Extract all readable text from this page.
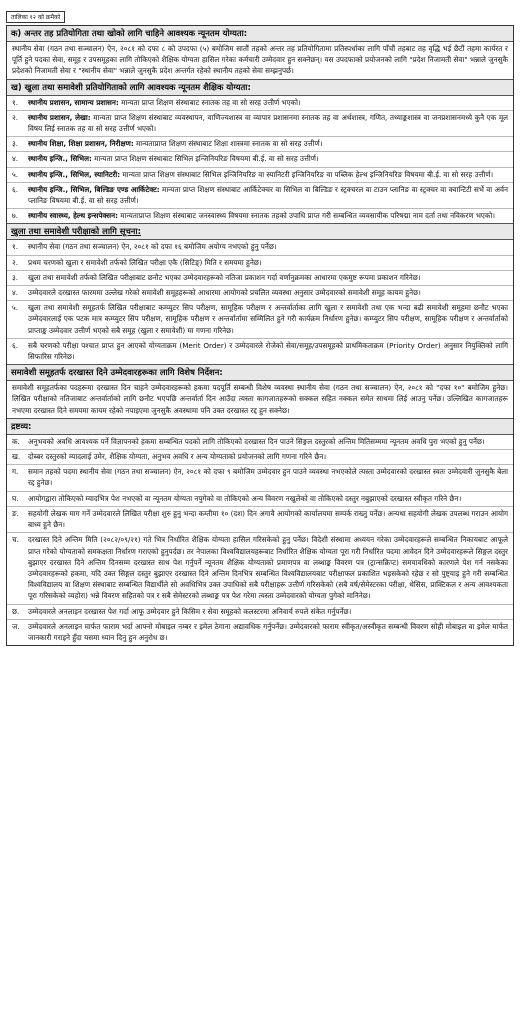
तालिका १२ को क्रमैको
क) अन्तर तह प्रतियोगिता तथा खोको लागि चाहिने आवश्यक न्यूनतम योग्यता:
स्थानीय सेवा (गठन तथा सञ्चालन) ऐन, २०८१ को दफा ८ को उपदफा (५) बमोजिम सातौं तहको अन्तर तह प्रतियोगितामा प्रतिस्पर्धाका लागि पाँचौं तहबाट तह वृद्धि भई छैटौं तहमा कार्यरत र पूर्ति हुने पदका सेवा, समूह र उपसमूहका लागि तोकिएको शैक्षिक योग्यता हासिल गरेका कर्मचारी उम्मेदवार हुन सक्नेछन्। यस उपदफाको प्रयोजनको लागि "प्रदेश निजामती सेवा" भन्नाले जुनसुकै प्रदेशको निजामती सेवा र "स्थानीय सेवा" भन्नाले जुनसुकै प्रदेश अन्तर्गत रहेको स्थानीय तहको सेवा सम्झनुपर्छ।
ख) खुला तथा समावेशी प्रतियोगिताको लागि आवश्यक न्यूनतम शैक्षिक योग्यता:
१.	स्थानीय प्रशासन, सामान्य प्रशासन: मान्यता प्राप्त शिक्षण संस्थाबाट स्नातक तह वा सो सरह उत्तीर्ण भएको।
२.	स्थानीय प्रशासन, लेखा: मान्यता प्राप्त शिक्षण संस्थाबाट व्यवस्थापन, वाणिज्यशास्त्र वा व्यापार प्रशासनमा स्नातक तह वा अर्थशास्त्र, गणित, तथ्याङ्कशास्त्र वा जनप्रशासनमध्ये कुनै एक मूल विषय लिई स्नातक तह वा सो सरह उत्तीर्ण भएको।
३.	स्थानीय शिक्षा, शिक्षा प्रशासन, निरीक्षण: मान्यताप्राप्त शिक्षण संस्थाबाट शिक्षा शास्त्रमा स्नातक वा सो सरह उत्तीर्ण।
४.	स्थानीय इन्जि., सिभिल: मान्यता प्राप्त शिक्षण संस्थाबाट सिभिल इन्जिनियरिङ विषयमा बी.ई. वा सो सरह उत्तीर्ण।
५.	स्थानीय इन्जि., सिभिल, स्यानिटरी: मान्यता प्राप्त शिक्षण संस्थाबाट सिभिल इन्जिनियरिङ वा स्यानिटरी इन्जिनियरिङ वा पब्लिक हेल्थ इन्जिनियरिङ विषयमा बी.ई. वा सो सरह उत्तीर्ण।
६.	स्थानीय इन्जि., सिभिल, बिल्डिङ एण्ड आर्किटेक्ट: मान्यता प्राप्त शिक्षण संस्थाबाट आर्किटेक्चर वा सिभिल वा बिल्डिङ र स्ट्रक्चरल वा टाउन प्लानिङ वा स्ट्रक्चर वा क्वान्टिटी सर्भे वा अर्वन प्लानिङ विषयमा बी.ई. वा सो सरह उत्तीर्ण।
७.	स्थानीय स्वास्थ्य, हेल्थ इन्सपेक्सन: मान्यताप्राप्त शिक्षण संस्थाबाट जनस्वास्थ्य विषयमा स्नातक तहको उपाधि प्राप्त गरी सम्बन्धित व्यवसायीक परिषद्मा नाम दर्ता तथा नविकरण भएको।
खुला तथा समावेशी परीक्षाको लागि सूचना:
१.	स्थानीय सेवा (गठन तथा सञ्चालन) ऐन, २०८१ को दफा १६ बमोजिम अयोग्य नभएको हुनु पर्नेछ।
२.	प्रथम चरणको खुला र समावेशी तर्फको लिखित परीक्षा एकै (सिटिङ्) मिति र समयमा हुनेछ।
३.	खुला तथा समावेशी तर्फको लिखित परीक्षाबाट छनौट भएका उम्मेदवारहरूको नतिजा प्रकाशन गर्दा वर्णानुक्रमका आधारमा एकमुष्ट रूपमा प्रकाशन गरिनेछ।
४.	उम्मेदवारले दरखास्त फारममा उल्लेख गरेको समावेशी समूहहरूको आधारमा आयोगको प्रचलित व्यवस्था अनुसार उम्मेदवारको समावेशी समूह कायम हुनेछ।
५.	खुला तथा समावेशी समूहतर्फ लिखित परीक्षाबाट कम्प्युटर सिप परीक्षण, सामूहिक परीक्षण र अन्तर्वार्ताका लागि खुला र समावेशी तथा एक भन्दा बढी समावेशी समूहमा छनौट भएका उम्मेदवारलाई एक पटक मात्र कम्प्युटर सिप परीक्षण, सामूहिक परीक्षण र अन्तर्वार्तामा सम्मिलित हुने गरी कार्यक्रम निर्धारण हुनेछ। कम्प्युटर सिप परीक्षण, सामूहिक परीक्षण र अन्तर्वार्ताको प्राप्ताङ्क उम्मेदवार उत्तीर्ण भएको सबै समूह (खुला र समावेशी) मा गणना गरिनेछ।
६.	सबै चरणको परीक्षा पश्चात प्राप्त हुन आएको योग्यताक्रम (Merit Order) र उम्मेदवारले रोजेको सेवा/समूह/उपसमूहको प्राथमिकताक्रम (Priority Order) अनुसार नियुक्तिको लागि सिफारिस गरिनेछ।
समावेशी समूहतर्फ दरखास्त दिने उम्मेदवारहरूका लागि विशेष निर्देशन:
समावेशी समूहतर्फका पदहरूमा दरखास्त दिन चाहने उम्मेदवारहरूको हकमा पदपूर्ति सम्बन्धी विशेष व्यवस्था स्थानीय सेवा (गठन तथा सञ्चालन) ऐन, २०८१ को "दफा १०" बमोजिम हुनेछ। लिखित परीक्षाको नतिजाबाट अन्तर्वार्ताको लागि छनौट भएपछि अन्तर्वार्ता दिन आउँदा त्यस्ता कागजातहरूको सक्कल सहित नक्कल समेत साथमा लिई आउनु पर्नेछ। उल्लिखित कागजातहरू नभएमा दरखास्त दिने समयमा कायम रहेको नपाइएमा जुनसुकै अवस्थामा पनि उक्त दरखास्त रद्द हुन सक्नेछ।
द्रष्टव्य:
क.	अनुभवको अवधि आवश्यक पर्ने विज्ञापनको हकमा सम्बन्धित पदको लागि तोकिएको दरखास्त दिन पाउने सिङ्गल दस्तुरको अन्तिम मितिसम्ममा न्यूनतम अवधि पुरा भएको हुनु पर्नेछ।
ख.	दोब्बर दस्तुरको म्यादलाई उमेर, शैक्षिक योग्यता, अनुभव अवधि र अन्य योग्यताको प्रयोजनको लागि गणना गरिने छैन।
ग.	समान तहको पदमा स्थानीय सेवा (गठन तथा सञ्चालन) ऐन, २०८१ को दफा ९ बमोजिम उम्मेदवार हुन पाउने व्यवस्था नभएकोले त्यस्ता उम्मेदवारको दरखास्त स्वतः उम्मेदवारी जुनसुकै बेला रद्द हुनेछ।
घ.	आयोगद्वारा तोकिएको म्यादभित्र पेश नभएको वा न्यूनतम योग्यता नपुगेको वा तोकिएको अन्य विवरण नखुलेको वा तोकिएको दस्तुर नबुझाएको दरखास्त स्वीकृत गरिने छैन।
ङ.	सहयोगी लेखक माग गर्ने उम्मेदवारले लिखित परीक्षा शुरु हुनु भन्दा कम्तीमा १० (दश) दिन अगावै आयोगको कार्यालयमा सम्पर्क राख्नु पर्नेछ। अन्यथा सहयोगी लेखक उपलब्ध गराउन आयोग बाध्य हुने छैन।
च.	दरखास्त दिने अन्तिम मिति (२०८२/०९/२१) गते भित्र निर्धारित शैक्षिक योग्यता हासिल गरिसकेको हुनु पर्नेछ। विदेशी संस्थामा अध्ययन गरेका उम्मेदवारहरूले सम्बन्धित निकायबाट आफूले प्राप्त गरेको योग्यताको समकक्षता निर्धारण गराएको हुनुपर्दछ। तर नेपालका विश्वविद्यालयहरूबाट निर्धारित शैक्षिक योग्यता पूरा गरी निर्धारित पदमा आवेदन दिने उम्मेदवारहरूले सिङ्गल दस्तुर बुझाएर दरखास्त दिने अन्तिम दिनसम्म दरखास्त साथ पेश गर्नुपर्ने न्यूनतम शैक्षिक योग्यताको प्रमाणपत्र वा लब्धाङ्क विवरण पत्र (ट्रान्सक्रिप्ट) समयावधिको कारणले पेश गर्न नसकेका उम्मेदवारहरूको हकमा, यदि उक्त सिङ्गल दस्तुर बुझाएर दरखास्त दिने अन्तिम दिनभित्र सम्बन्धित विश्वविद्यालयबाट परीक्षाफल प्रकाशित भइसकेको रहेछ र सो पुष्ट्याइ हुने गरी सम्बन्धित विश्वविद्यालय वा शिक्षण संस्थाबाट सम्बन्धित विद्यार्थीले सो अवधिभित्र उक्त उपाधिको सबै परीक्षाहरू उत्तीर्ण गरिसकेको (सबै वर्ष/सेमेस्टरका परीक्षा, थेसिस, प्राक्टिकल र अन्य आवश्यकता पूरा गरिसकेको व्यहोरा) भन्ने विवरण सहितको पत्र र सबै सेमेस्टरको लब्धाङ्क पत्र पेश गरेमा त्यस्ता उम्मेदवारको योग्यता पुगेको मानिनेछ।
छ.	उम्मेदवारले अनलाइन दरखास्त पेश गर्दा आफू उम्मेदवार हुने किसिम र सेवा समूहको कलस्टरमा अनिवार्य रुपले संकेत गर्नुपर्नेछ।
ज.	उम्मेदवारले अनलाइन मार्फत फाराम भर्दा आफ्नो मोबाइल नम्बर र इमेल ठेगाना अद्यावधिक गर्नुपर्नेछ। उम्मेदवारको फाराम स्वीकृत/अस्वीकृत सम्बन्धी विवरण सोही मोबाइल वा इमेल मार्फत जानकारी गराइने हुँदा यसमा ध्यान दिनु हुन अनुरोध छ।
